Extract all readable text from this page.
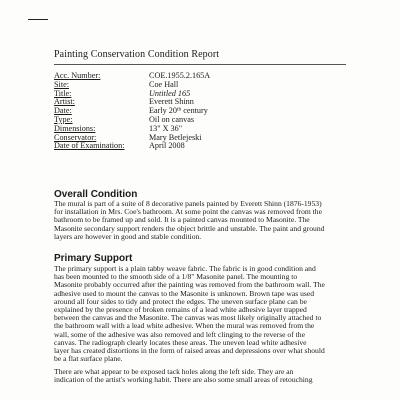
Painting Conservation Condition Report
Acc. Number:	COE.1955.2.165A
Site:	Coe Hall
Title:	Untitled 165
Artist:	Everett Shinn
Date:	Early 20th century
Type:	Oil on canvas
Dimensions:	13" X 36"
Conservator:	Mary Betlejeski
Date of Examination:	April 2008
Overall Condition
The mural is part of a suite of 8 decorative panels painted by Everett Shinn (1876-1953)
for installation in Mrs. Coe's bathroom. At some point the canvas was removed from the
bathroom to be framed up and sold. It is a painted canvas mounted to Masonite. The
Masonite secondary support renders the object brittle and unstable. The paint and ground
layers are however in good and stable condition.
Primary Support
The primary support is a plain tabby weave fabric. The fabric is in good condition and
has been mounted to the smooth side of a 1/8" Masonite panel. The mounting to
Masonite probably occurred after the painting was removed from the bathroom wall. The
adhesive used to mount the canvas to the Masonite is unknown. Brown tape was used
around all four sides to tidy and protect the edges. The uneven surface plane can be
explained by the presence of broken remains of a lead white adhesive layer trapped
between the canvas and the Masonite. The canvas was most likely originally attached to
the bathroom wall with a lead white adhesive. When the mural was removed from the
wall, some of the adhesive was also removed and left clinging to the reverse of the
canvas. The radiograph clearly locates these areas. The uneven lead white adhesive
layer has created distortions in the form of raised areas and depressions over what should
be a flat surface plane.
There are what appear to be exposed tack holes along the left side. They are an
indication of the artist's working habit. There are also some small areas of retouching
